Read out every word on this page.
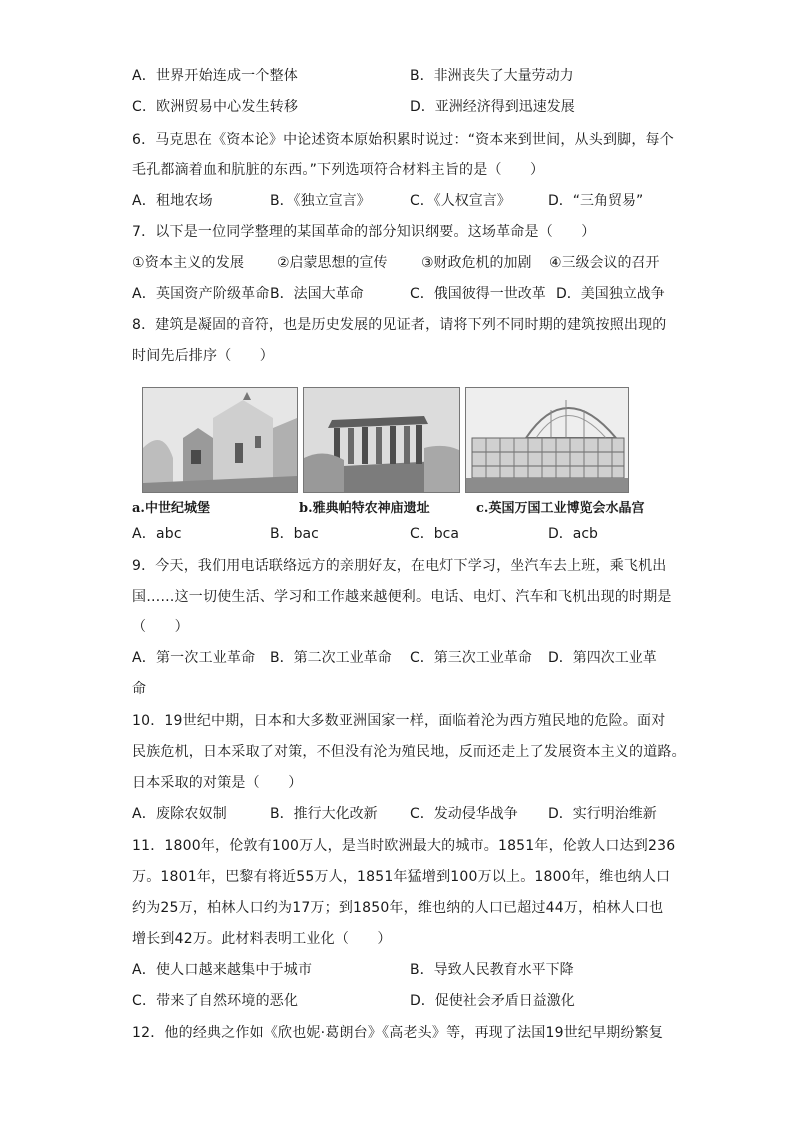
A．世界开始连成一个整体	B．非洲丧失了大量劳动力
C．欧洲贸易中心发生转移	D．亚洲经济得到迅速发展
6．马克思在《资本论》中论述资本原始积累时说过：“资本来到世间，从头到脚，每个
毛孔都滴着血和肮脏的东西。”下列选项符合材料主旨的是（　　）
A．租地农场	B．《独立宣言》	C．《人权宣言》	D．“三角贸易”
7．以下是一位同学整理的某国革命的部分知识纲要。这场革命是（　　）
①资本主义的发展 ②启蒙思想的宣传 ③财政危机的加剧 ④三级会议的召开
A．英国资产阶级革命 B．法国大革命	C．俄国彼得一世改革 D．美国独立战争
8．建筑是凝固的音符，也是历史发展的见证者，请将下列不同时期的建筑按照出现的
时间先后排序（　　）
a.中世纪城堡	b.雅典帕特农神庙遗址	c.英国万国工业博览会水晶宫
A．abc	B．bac	C．bca	D．acb
9．今天，我们用电话联络远方的亲朋好友，在电灯下学习，坐汽车去上班，乘飞机出
国……这一切使生活、学习和工作越来越便利。电话、电灯、汽车和飞机出现的时期是
（　　）
A．第一次工业革命 B．第二次工业革命 C．第三次工业革命 D．第四次工业革
命
10．19世纪中期，日本和大多数亚洲国家一样，面临着沦为西方殖民地的危险。面对
民族危机，日本采取了对策，不但没有沦为殖民地，反而还走上了发展资本主义的道路。
日本采取的对策是（　　）
A．废除农奴制	B．推行大化改新 C．发动侵华战争 D．实行明治维新
11．1800年，伦敦有100万人，是当时欧洲最大的城市。1851年，伦敦人口达到236
万。1801年，巴黎有将近55万人，1851年猛增到100万以上。1800年，维也纳人口
约为25万，柏林人口约为17万；到1850年，维也纳的人口已超过44万，柏林人口也
增长到42万。此材料表明工业化（　　）
A．使人口越来越集中于城市	B．导致人民教育水平下降
C．带来了自然环境的恶化	D．促使社会矛盾日益激化
12．他的经典之作如《欣也妮·葛朗台》《高老头》等，再现了法国19世纪早期纷繁复
